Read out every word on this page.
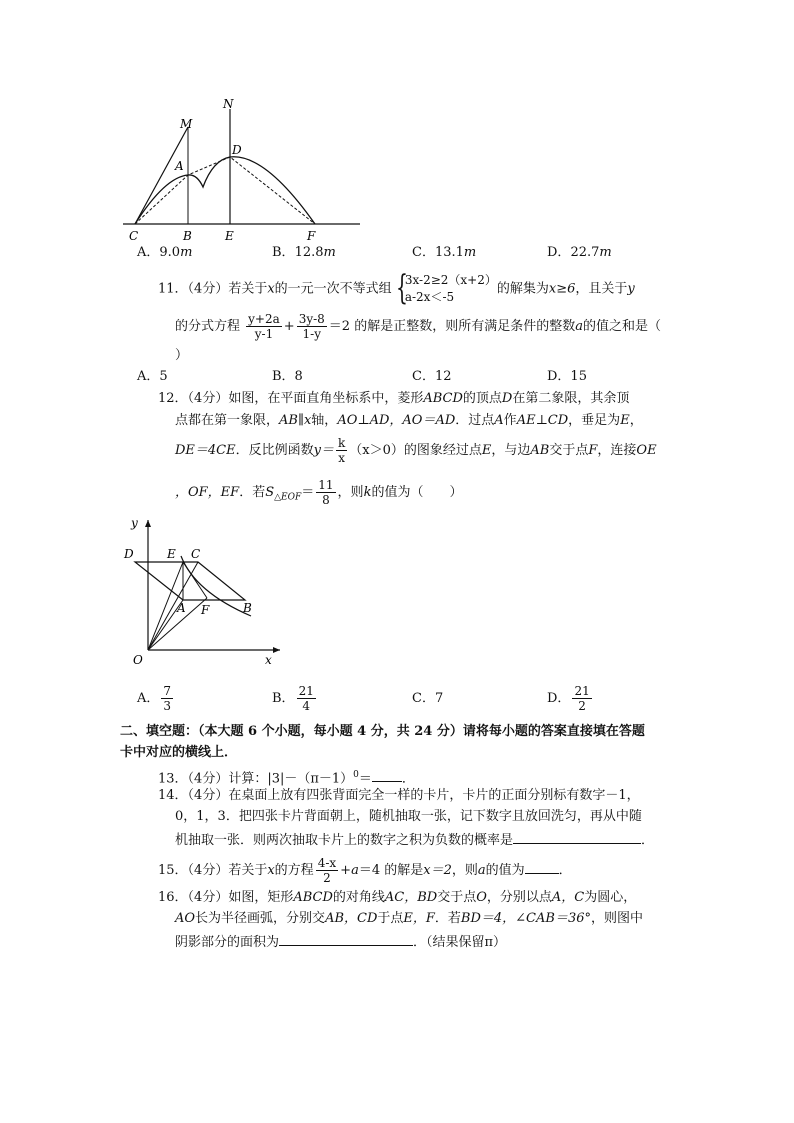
N
M
A
D
C	B	E	F
A．9.0m	B．12.8m	C．13.1m	D．22.7m
11．（4分）若关于x的一元一次不等式组 {
3x-2≥2（x+2）
a-2x＜-5
的解集为x≥6，且关于y
的分式方程 $\frac{y+2a}{y-1} + \frac{3y-8}{1-y} =2$ 的解是正整数，则所有满足条件的整数a的值之和是（
）
A．5	B．8	C．12	D．15
12．（4分）如图，在平面直角坐标系中，菱形ABCD的顶点D在第二象限，其余顶
点都在第一象限，AB∥x轴，AO⊥AD，AO＝AD．过点A作AE⊥CD，垂足为E，
DE＝4CE．反比例函数$y= \frac{k}{x} (x>0)$的图象经过点E，与边AB交于点F，连接OE
，OF，EF．若$S_{\triangle EOF}= \frac{11}{8}$ ，则k的值为（　　）
y
x
O
D	E C
A F	B
A． $\frac{7}{3}$	B． $\frac{21}{4}$	C．7	D． $\frac{21}{2}$
二、填空题：（本大题 6 个小题，每小题 4 分，共 24 分）请将每小题的答案直接填在答题
卡中对应的横线上．
13．（4分）计算：$|3|-(\pi-1)^0=$ ．
14．（4分）在桌面上放有四张背面完全一样的卡片，卡片的正面分别标有数字－1，
0，1，3．把四张卡片背面朝上，随机抽取一张，记下数字且放回洗匀，再从中随
机抽取一张．则两次抽取卡片上的数字之积为负数的概率是	．
15．（4分）若关于x的方程 $\frac{4-x}{2} +a=4$ 的解是x＝2，则a的值为	．
16．（4分）如图，矩形ABCD的对角线AC，BD交于点O，分别以点A，C为圆心，
AO长为半径画弧，分别交AB，CD于点E，F．若BD＝4，∠CAB＝36°，则图中
阴影部分的面积为	．（结果保留π）
